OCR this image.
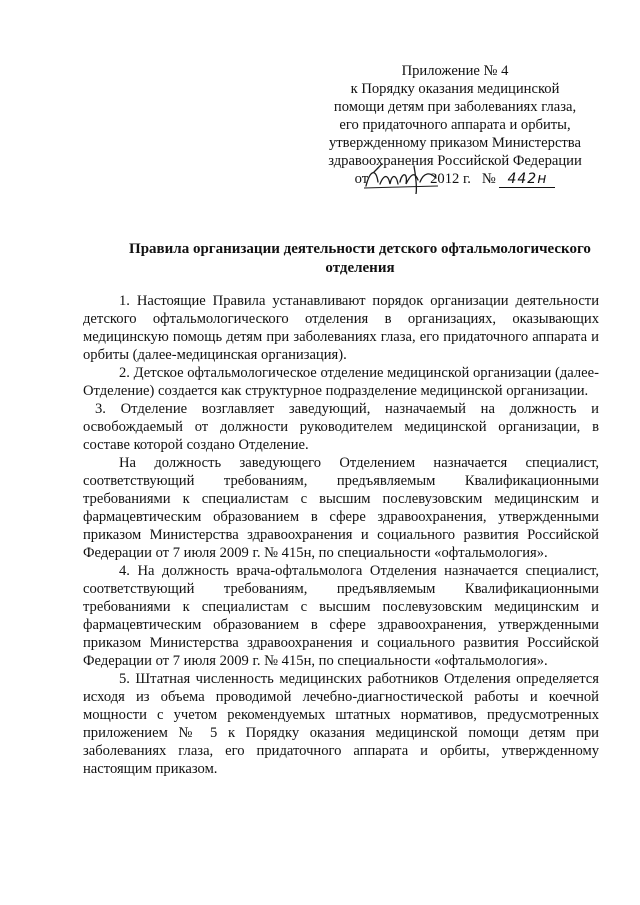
Приложение № 4
к Порядку оказания медицинской
помощи детям при заболеваниях глаза,
его придаточного аппарата и орбиты,
утвержденному приказом Министерства
здравоохранения Российской Федерации
от	2012 г. № 442н
Правила организации деятельности детского офтальмологического
отделения

1. Настоящие Правила устанавливают порядок организации деятельности детского офтальмологического отделения в организациях, оказывающих медицинскую помощь детям при заболеваниях глаза, его придаточного аппарата и орбиты (далее-медицинская организация).

2. Детское офтальмологическое отделение медицинской организации (далее-Отделение) создается как структурное подразделение медицинской организации.

3. Отделение возглавляет заведующий, назначаемый на должность и освобождаемый от должности руководителем медицинской организации, в составе которой создано Отделение.

На должность заведующего Отделением назначается специалист, соответствующий требованиям, предъявляемым Квалификационными требованиями к специалистам с высшим послевузовским медицинским и фармацевтическим образованием в сфере здравоохранения, утвержденными приказом Министерства здравоохранения и социального развития Российской Федерации от 7 июля 2009 г. № 415н, по специальности «офтальмология».

4. На должность врача-офтальмолога Отделения назначается специалист, соответствующий требованиям, предъявляемым Квалификационными требованиями к специалистам с высшим послевузовским медицинским и фармацевтическим образованием в сфере здравоохранения, утвержденными приказом Министерства здравоохранения и социального развития Российской Федерации от 7 июля 2009 г. № 415н, по специальности «офтальмология».

5. Штатная численность медицинских работников Отделения определяется исходя из объема проводимой лечебно-диагностической работы и коечной мощности с учетом рекомендуемых штатных нормативов, предусмотренных приложением № 5 к Порядку оказания медицинской помощи детям при заболеваниях глаза, его придаточного аппарата и орбиты, утвержденному настоящим приказом.
